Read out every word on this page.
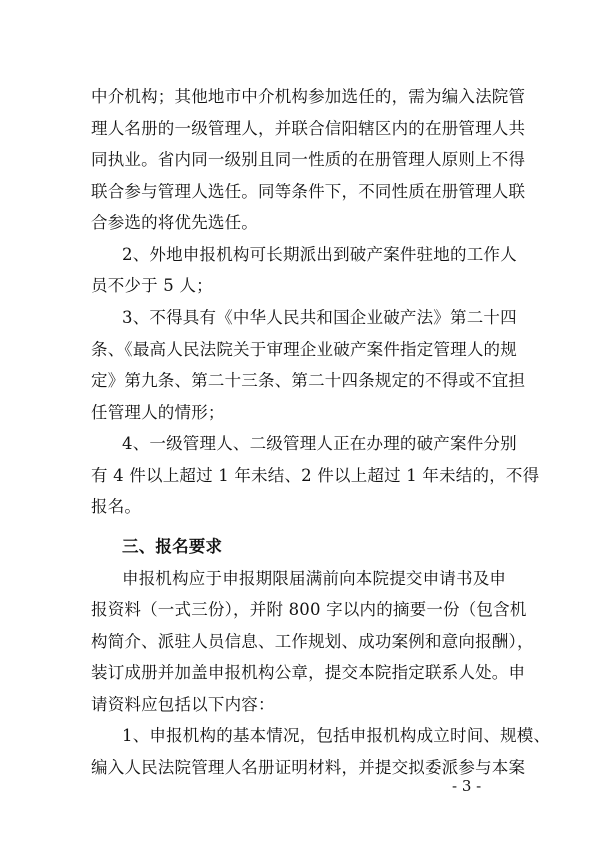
中介机构；其他地市中介机构参加选任的，需为编入法院管
理人名册的一级管理人，并联合信阳辖区内的在册管理人共
同执业。省内同一级别且同一性质的在册管理人原则上不得
联合参与管理人选任。同等条件下，不同性质在册管理人联
合参选的将优先选任。
2、外地申报机构可长期派出到破产案件驻地的工作人
员不少于 5 人；
3、不得具有《中华人民共和国企业破产法》第二十四
条、《最高人民法院关于审理企业破产案件指定管理人的规
定》第九条、第二十三条、第二十四条规定的不得或不宜担
任管理人的情形；
4、一级管理人、二级管理人正在办理的破产案件分别
有 4 件以上超过 1 年未结、2 件以上超过 1 年未结的，不得
报名。
三、报名要求
申报机构应于申报期限届满前向本院提交申请书及申
报资料（一式三份），并附 800 字以内的摘要一份（包含机
构简介、派驻人员信息、工作规划、成功案例和意向报酬），
装订成册并加盖申报机构公章，提交本院指定联系人处。申
请资料应包括以下内容：
1、申报机构的基本情况，包括申报机构成立时间、规模、
编入人民法院管理人名册证明材料，并提交拟委派参与本案
- 3 -
